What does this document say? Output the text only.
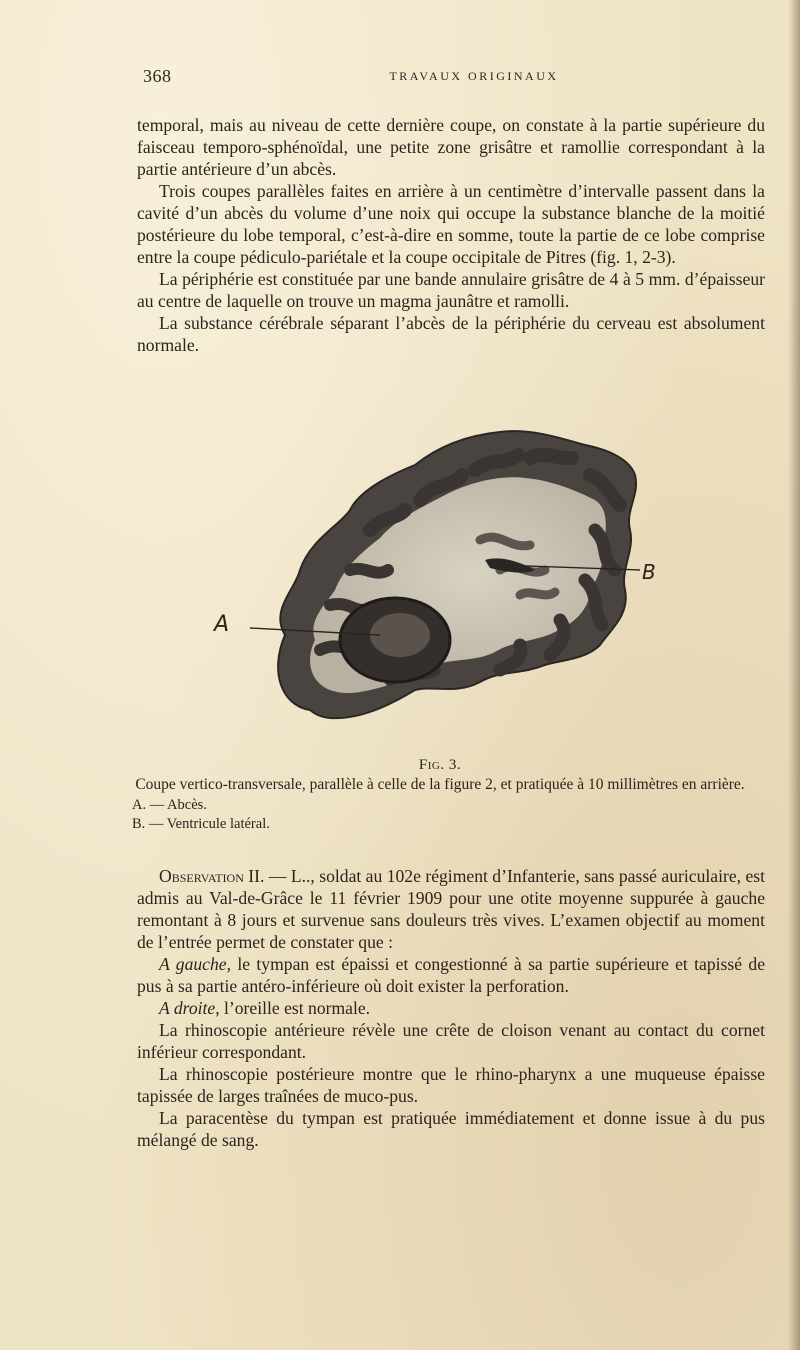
368	TRAVAUX ORIGINAUX

temporal, mais au niveau de cette dernière coupe, on constate à la partie supérieure du faisceau temporo-sphénoïdal, une petite zone grisâtre et ramollie correspondant à la partie antérieure d’un abcès.

Trois coupes parallèles faites en arrière à un centimètre d’intervalle passent dans la cavité d’un abcès du volume d’une noix qui occupe la substance blanche de la moitié postérieure du lobe temporal, c’est-à-dire en somme, toute la partie de ce lobe comprise entre la coupe pédiculo-pariétale et la coupe occipitale de Pitres (fig. 1, 2-3).

La périphérie est constituée par une bande annulaire grisâtre de 4 à 5 mm. d’épaisseur au centre de laquelle on trouve un magma jaunâtre et ramolli.

La substance cérébrale séparant l’abcès de la périphérie du cerveau est absolument normale.

A
B
Fig. 3.

Coupe vertico-transversale, parallèle à celle de la figure 2, et pratiquée à 10 millimètres en arrière.

A. — Abcès.

B. — Ventricule latéral.

Observation II. — L.., soldat au 102e régiment d’Infanterie, sans passé auriculaire, est admis au Val-de-Grâce le 11 février 1909 pour une otite moyenne suppurée à gauche remontant à 8 jours et survenue sans douleurs très vives. L’examen objectif au moment de l’entrée permet de constater que :

A gauche, le tympan est épaissi et congestionné à sa partie supérieure et tapissé de pus à sa partie antéro-inférieure où doit exister la perforation.

A droite, l’oreille est normale.

La rhinoscopie antérieure révèle une crête de cloison venant au contact du cornet inférieur correspondant.

La rhinoscopie postérieure montre que le rhino-pharynx a une muqueuse épaisse tapissée de larges traînées de muco-pus.

La paracentèse du tympan est pratiquée immédiatement et donne issue à du pus mélangé de sang.
